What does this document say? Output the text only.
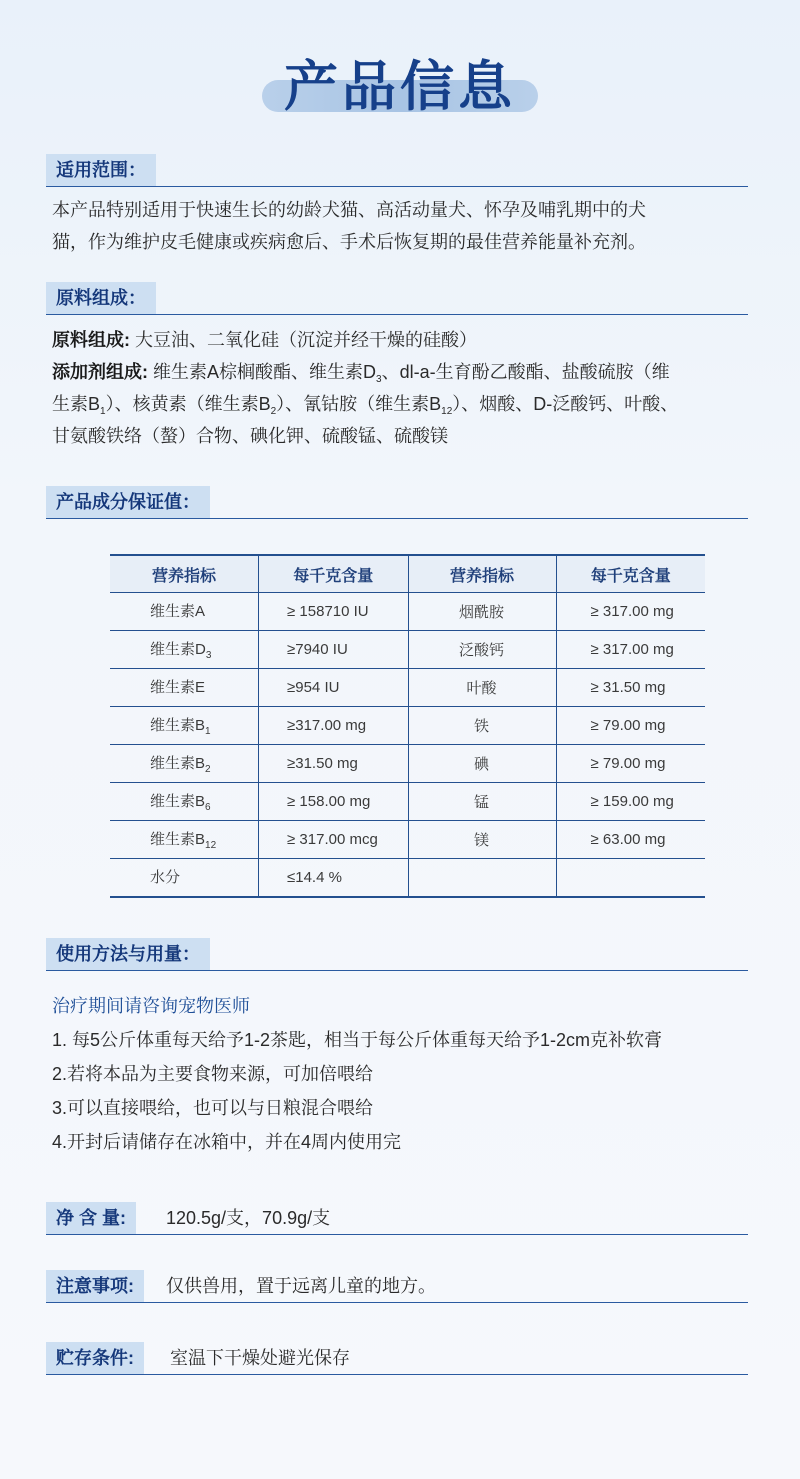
产品信息
适用范围：
本产品特别适用于快速生长的幼龄犬猫、高活动量犬、怀孕及哺乳期中的犬
猫，作为维护皮毛健康或疾病愈后、手术后恢复期的最佳营养能量补充剂。
原料组成：
原料组成: 大豆油、二氧化硅（沉淀并经干燥的硅酸）
添加剂组成: 维生素A棕榈酸酯、维生素$D_3$、dl-a-生育酚乙酸酯、盐酸硫胺（维
生素$B_1$）、核黄素（维生素$B_2$）、氰钴胺（维生素$B_{12}$）、烟酸、D-泛酸钙、叶酸、
甘氨酸铁络（螯）合物、碘化钾、硫酸锰、硫酸镁
产品成分保证值：
营养指标	每千克含量	营养指标	每千克含量
维生素A	≥ 158710 IU	烟酰胺	≥ 317.00 mg
维生素$D_3$	≥7940 IU	泛酸钙	≥ 317.00 mg
维生素E	≥954 IU	叶酸	≥ 31.50 mg
维生素$B_1$	≥317.00 mg	铁	≥ 79.00 mg
维生素$B_2$	≥31.50 mg	碘	≥ 79.00 mg
维生素$B_6$	≥ 158.00 mg	锰	≥ 159.00 mg
维生素$B_{12}$	≥ 317.00 mcg	镁	≥ 63.00 mg
水分	≤14.4 %		
使用方法与用量：
治疗期间请咨询宠物医师
1. 每5公斤体重每天给予1-2茶匙，相当于每公斤体重每天给予1-2cm克补软膏
2.若将本品为主要食物来源，可加倍喂给
3.可以直接喂给，也可以与日粮混合喂给
4.开封后请储存在冰箱中，并在4周内使用完
净 含 量:	120.5g/支，70.9g/支
注意事项:	仅供兽用，置于远离儿童的地方。
贮存条件:	室温下干燥处避光保存
